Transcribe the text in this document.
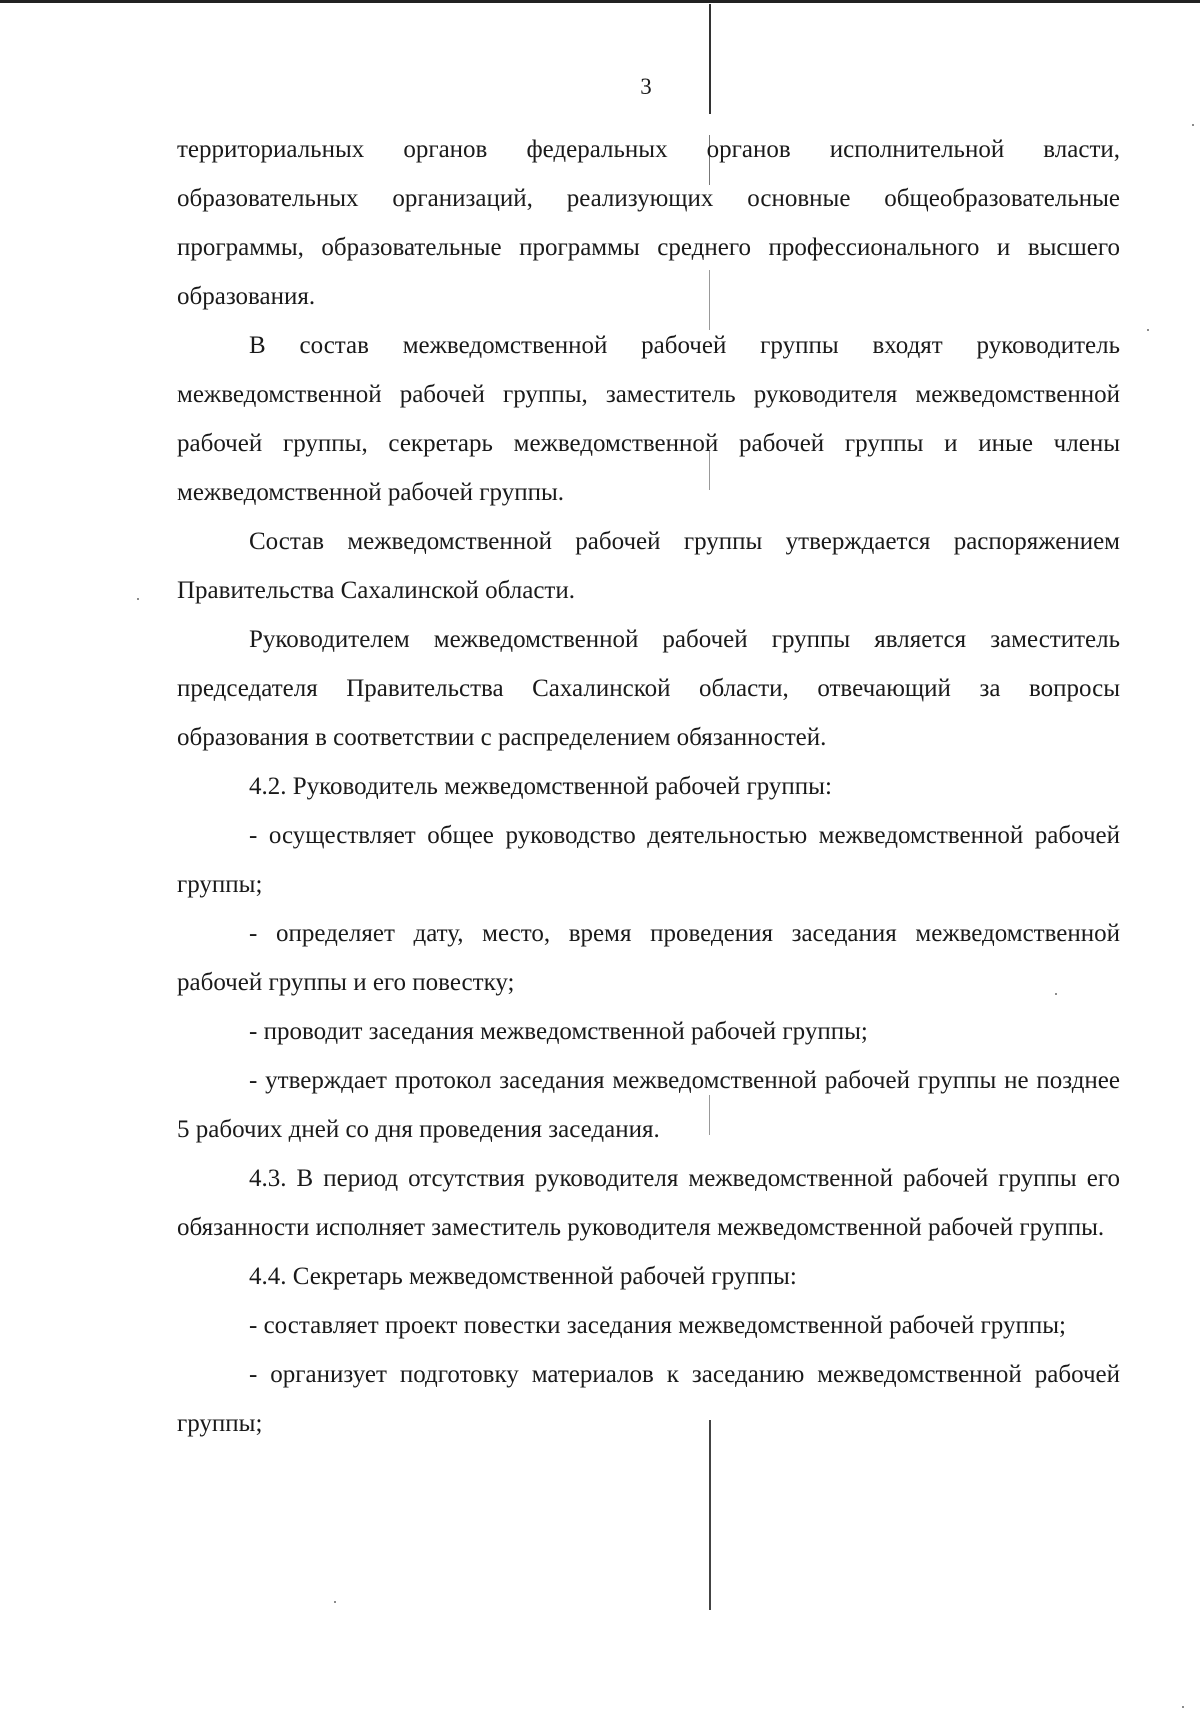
3

территориальных органов федеральных органов исполнительной власти, образовательных организаций, реализующих основные общеобразовательные программы, образовательные программы среднего профессионального и высшего образования.

В состав межведомственной рабочей группы входят руководитель межведомственной рабочей группы, заместитель руководителя межведомственной рабочей группы, секретарь межведомственной рабочей группы и иные члены межведомственной рабочей группы.

Состав межведомственной рабочей группы утверждается распоряжением Правительства Сахалинской области.

Руководителем межведомственной рабочей группы является заместитель председателя Правительства Сахалинской области, отвечающий за вопросы образования в соответствии с распределением обязанностей.

4.2. Руководитель межведомственной рабочей группы:

- осуществляет общее руководство деятельностью межведомственной рабочей группы;

- определяет дату, место, время проведения заседания межведомственной рабочей группы и его повестку;

- проводит заседания межведомственной рабочей группы;

- утверждает протокол заседания межведомственной рабочей группы не позднее 5 рабочих дней со дня проведения заседания.

4.3. В период отсутствия руководителя межведомственной рабочей группы его обязанности исполняет заместитель руководителя межведомственной рабочей группы.

4.4. Секретарь межведомственной рабочей группы:

- составляет проект повестки заседания межведомственной рабочей группы;

- организует подготовку материалов к заседанию межведомственной рабочей группы;
